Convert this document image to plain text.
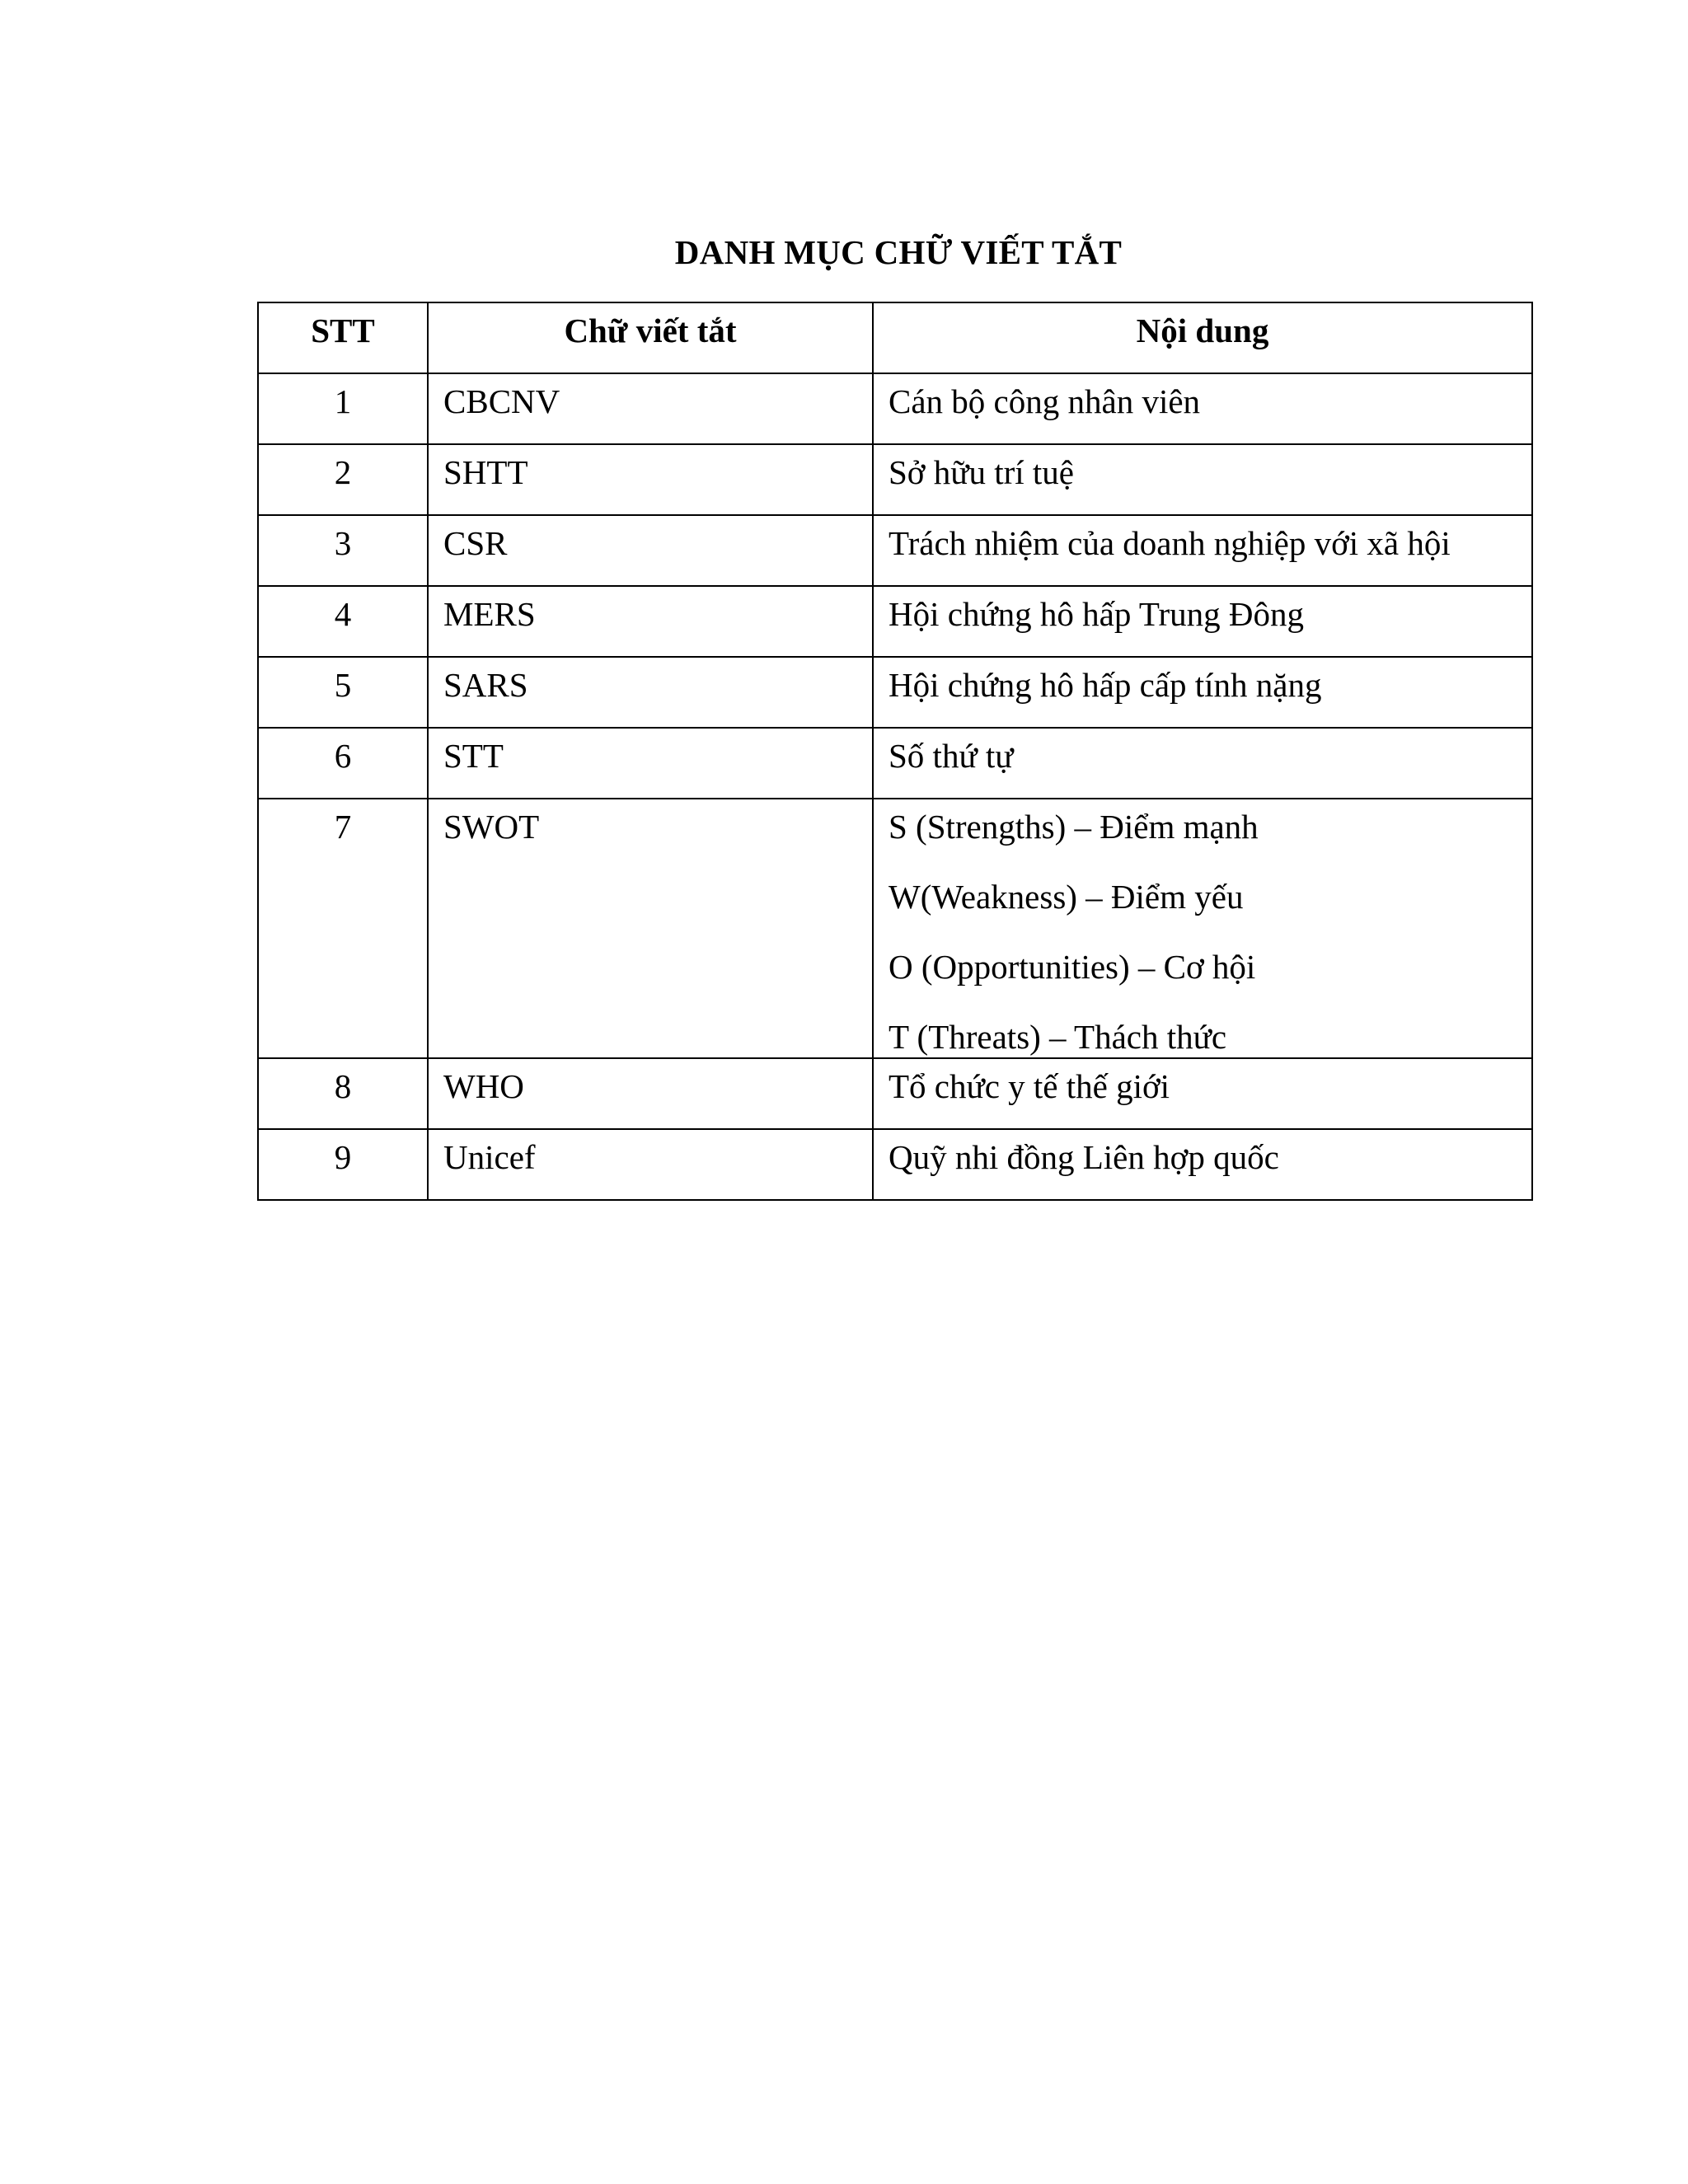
DANH MỤC CHỮ VIẾT TẮT
STT	Chữ viết tắt	Nội dung
1	CBCNV	Cán bộ công nhân viên

2	SHTT	Sở hữu trí tuệ

3	CSR	Trách nhiệm của doanh nghiệp với xã hội

4	MERS	Hội chứng hô hấp Trung Đông

5	SARS	Hội chứng hô hấp cấp tính nặng

6	STT	Số thứ tự

7	SWOT	S (Strengths) – Điểm mạnh
W(Weakness) – Điểm yếu
O (Opportunities) – Cơ hội
T (Threats) – Thách thức

8	WHO	Tổ chức y tế thế giới

9	Unicef	Quỹ nhi đồng Liên hợp quốc
